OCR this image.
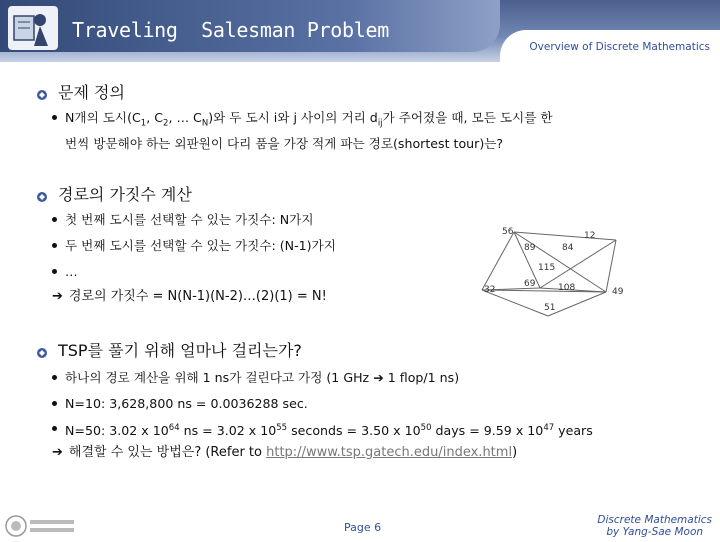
Traveling  Salesman Problem
Overview of Discrete Mathematics
문제 정의
N개의 도시($C_1$, $C_2$, … $C_N$)와 두 도시 i와 j 사이의 거리 $d_{ij}$가 주어졌을 때, 모든 도시를 한
번씩 방문해야 하는 외판원이 다리 품을 가장 적게 파는 경로(shortest tour)는?
경로의 가짓수 계산
첫 번째 도시를 선택할 수 있는 가짓수: N가지
두 번째 도시를 선택할 수 있는 가짓수: (N-1)가지
…
➔ 경로의 가짓수 = N(N-1)(N-2)…(2)(1) = N!
56	12
89	84
115
32
69	108	49
51
TSP를 풀기 위해 얼마나 걸리는가?
하나의 경로 계산을 위해 1 ns가 걸린다고 가정 (1 GHz ➔ 1 flop/1 ns)
N=10: 3,628,800 ns = 0.0036288 sec.
N=50: 3.02 x $10^{64}$ ns = 3.02 x $10^{55}$ seconds = 3.50 x $10^{50}$ days = 9.59 x $10^{47}$ years
➔ 해결할 수 있는 방법은? (Refer to http://www.tsp.gatech.edu/index.html)
Page 6
Discrete Mathematics
by Yang-Sae Moon
